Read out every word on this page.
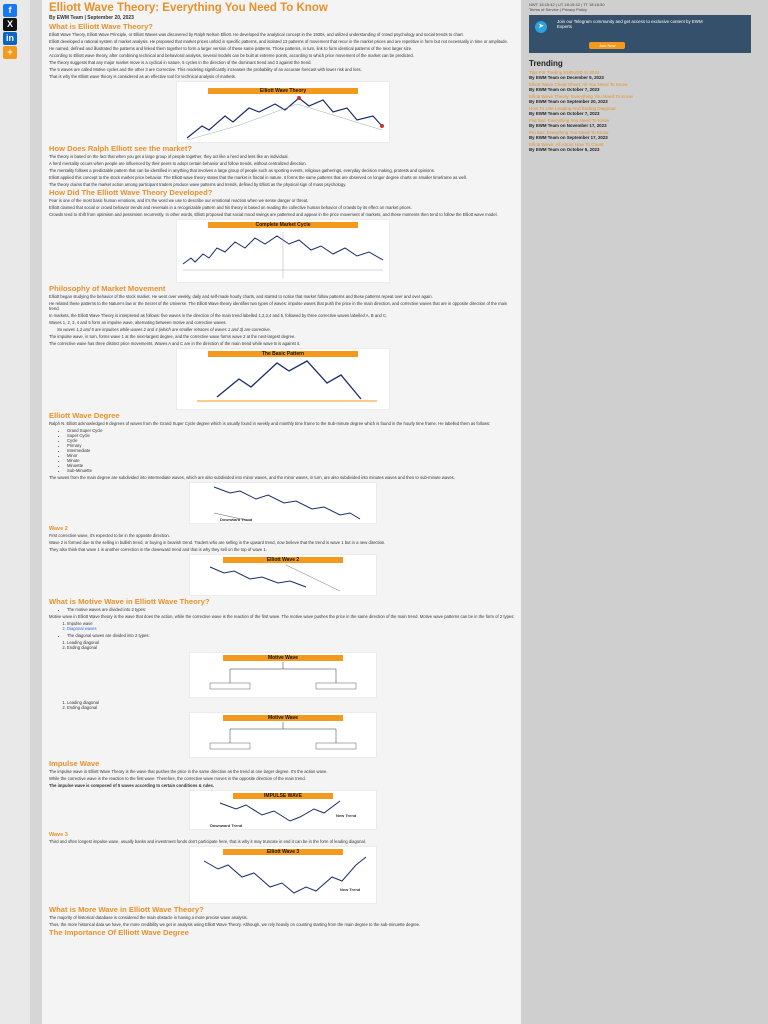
f
X
in
+
Elliott Wave Theory: Everything You Need To Know
By EWM Team | September 20, 2023
What is Elliott Wave Theory?

Elliott Wave Theory, Elliott Wave Principle, or Elliott Waves was discovered by Ralph Nelson Elliott. He developed the analytical concept in the 1930s, and utilized understanding of crowd psychology and social trends to chart.

Elliott developed a rational system of market analysis. He proposed that market prices unfold in specific patterns, and isolated 13 patterns of movement that recur in the market prices and are repetitive in form but not necessarily in time or amplitude.

He named, defined and illustrated the patterns and linked them together to form a larger version of these same patterns. Those patterns, in turn, link to form identical patterns of the next larger size.

According to Elliott wave theory, after combining technical and behavioral analysis, several models can be built at extreme points, according to which price movement of the market can be predicted.

The theory suggests that any major market move is a cyclical in nature, 5 cycles in the direction of the dominant trend and 3 against the trend.

The 5 waves are called Motive cycles and the other 3 are Corrective. This modeling significantly increases the probability of an accurate forecast with lower risk and loss.

That is why the Elliott wave theory is considered as an effective tool for technical analysis of markets.

Elliott Wave Theory
How Does Ralph Elliott see the market?

The theory is based on the fact that when you get a large group of people together, they act like a herd and less like an individual.

A herd mentality occurs when people are influenced by their peers to adopt certain behavior and follow trends, without centralized direction.

The mentality follows a predictable pattern that can be identified in anything that involves a large group of people such as sporting events, religious gatherings, everyday decision making, protests and opinions.

Elliott applied this concept to the stock market price behavior. The Elliott wave theory states that the market is fractal in nature. It forms the same patterns that are observed on longer degree charts on smaller timeframe as well.

The theory claims that the market action among participant traders produce wave patterns and trends, defined by Elliott as the physical sign of mass psychology.

How Did The Elliott Wave Theory Developed?

Fear is one of the most basic human emotions, and it's the word we use to describe our emotional reaction when we sense danger or threat.

Elliott claimed that social or crowd behavior trends and reversals in a recognizable pattern and his theory is based on reading the collective human behavior of crowds by its effect on market prices.

Crowds tend to shift from optimism and pessimism recurrently. In other words, Elliott proposed that social mood swings are patterned and appear in the price movement of markets, and these moments then tend to follow the Elliott wave model.

Complete Market Cycle
Philosophy of Market Movement

Elliott began studying the behavior of the stock market. He went over weekly, daily and self-made hourly charts, and started to notice that market follow patterns and these patterns repeat over and over again.

He related these patterns to the Nature's law or the Secret of the Universe. The Elliott Wave theory identifies two types of waves: impulse waves that push the price in the main direction, and corrective waves that are in opposite direction of the main trend.

In markets, the Elliott Wave Theory is interpreted as follows: five waves in the direction of the main trend labelled 1,2,3,4 and 5, followed by three corrective waves labelled A, B and C.

Waves 1, 2, 3, 4 and 5 form an impulse wave, alternating between motive and corrective waves.

So waves 1,3 and 5 are impulses while waves 2 and 4 (which are smaller retraces of waves 1 and 3) are corrective.

The impulse wave, in turn, forms wave 1 at the next-largest degree, and the corrective wave forms wave 2 at the next-largest degree.

The corrective wave has three distinct price movements. Waves A and C are in the direction of the main trend while wave B is against it.

The Basic Pattern
Elliott Wave Degree

Ralph N. Elliott acknowledged 9 degrees of waves from the Grand Super Cycle degree which is usually found in weekly and monthly time frame to the Sub-minute degree which is found in the hourly time frame. He labelled them as follows:

• Grand Super Cycle
• Super Cycle
• Cycle
• Primary
• Intermediate
• Minor
• Minute
• Minuette
• Sub-Minuette

The waves from the main degree are subdivided into intermediate waves, which are also subdivided into minor waves, and the minor waves, in turn, are also subdivided into minutes waves and then to sub-minute waves.

Downward Trend
Wave 2

First corrective wave, it's expected to be in the opposite direction.

Wave 2 is formed due to the selling in bullish trend, or buying in bearish trend. Traders who are selling in the upward trend, now believe that the trend is wave 1 but in a new direction.

They also think that wave 1 is another correction in the downward trend and that is why they sell on the top of wave 1.

Elliott Wave 2
What is Motive Wave in Elliott Wave Theory?
• The motive waves are divided into 2 types:

Motive wave in Elliott Wave theory is the wave that does the action, while the corrective wave is the reaction of the first wave. The motive wave pushes the price in the same direction of the main trend. Motive wave patterns can be in the form of 2 types:

1. Impulse wave
2. Diagonal waves
• The diagonal waves are divided into 2 types:
1. Leading diagonal
2. Ending diagonal
Motive Wave
1. Leading diagonal
2. Ending diagonal
Motive Wave
Impulse Wave

The impulse wave in Elliott Wave Theory is the wave that pushes the price in the same direction as the trend at one larger degree. It's the action wave.

While the corrective wave is the reaction to the first wave. Therefore, the corrective wave moves in the opposite direction of the main trend.

The impulse wave is composed of 5 waves according to certain conditions & rules.

IMPULSE WAVE
New Trend
Downward Trend
Wave 3

Third and often longest impulse wave, usually banks and investment funds don't participate here, that is why it may truncate in end it can be in the form of leading diagonal.

Elliott Wave 3
New Trend
What is More Wave in Elliott Wave Theory?

The majority of historical database is considered the main obstacle in having a more precise wave analysis.

Thus, the more historical data we have, the more credibility we get in analysis using Elliott Wave Theory. Although, we rely heavily on counting starting from the main degree to the sub-minuette degree.

The Importance Of Elliott Wave Degree
NWT 18:15:42 | UT 18:15:42 | TT 18:16:50
Terms of Service | Privacy Policy
➤
Join our Telegram community and get access to exclusive content by EWM Experts
Join Now
Trending
Tips For Trading EURUSD In 2024
By EWM Team on December 5, 2023
Elliott Wave Cheat Sheet: All You Need To Know
By EWM Team on October 7, 2023
Elliott Wave Theory: Everything You Need To Know
By EWM Team on September 20, 2023
How To Use Leading And Ending Diagonal
By EWM Team on October 7, 2023
Flat Bar: Everything You Need To Know
By EWM Team on November 17, 2023
Pin Bar: Everything You Need To Know
By EWM Team on September 17, 2023
Elliott Wave: All About How To Count
By EWM Team on October 9, 2023
